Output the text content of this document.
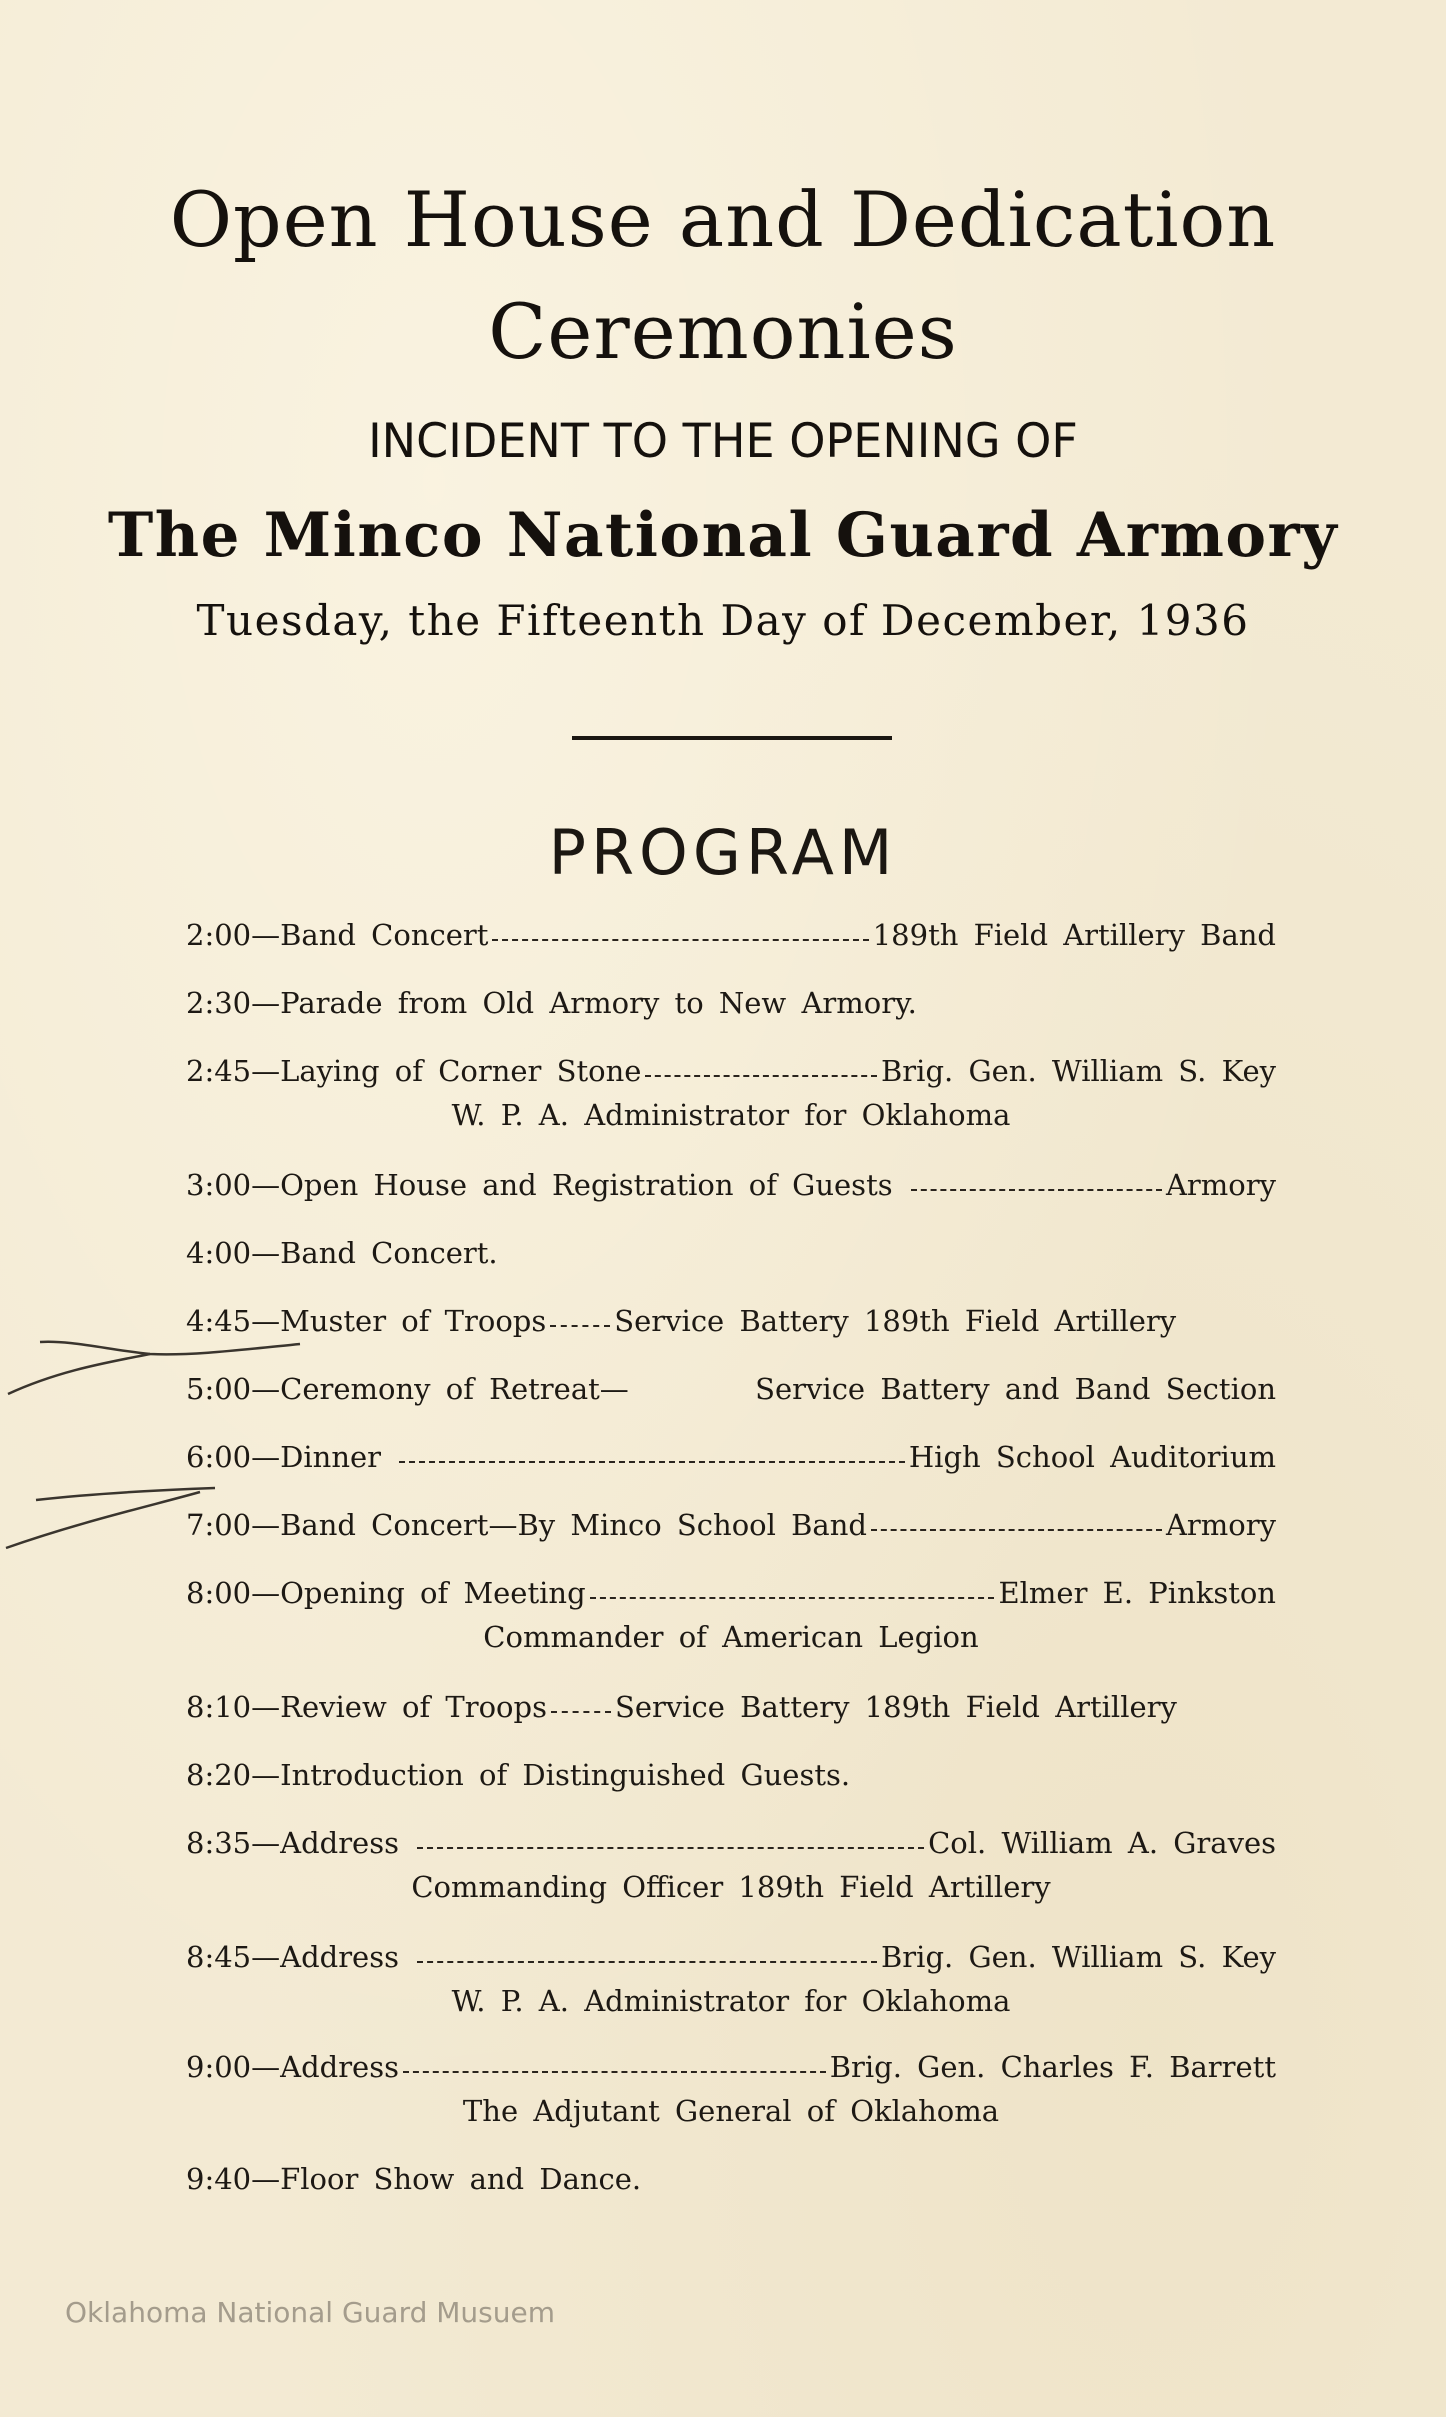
Open House and Dedication
Ceremonies
INCIDENT TO THE OPENING OF
The Minco National Guard Armory
Tuesday, the Fifteenth Day of December, 1936
PROGRAM
2:00 — Band Concert	189th Field Artillery Band
2:30 — Parade from Old Armory to New Armory.
2:45 — Laying of Corner Stone	Brig. Gen. William S. Key
W. P. A. Administrator for Oklahoma
3:00 — Open House and Registration of Guests	Armory
4:00 — Band Concert.
4:45 — Muster of Troops Service Battery 189th Field Artillery
5:00 — Ceremony of Retreat —	Service Battery and Band Section
6:00 — Dinner	High School Auditorium
7:00 — Band Concert — By Minco School Band	Armory
8:00 — Opening of Meeting	Elmer E. Pinkston
Commander of American Legion
8:10 — Review of Troops Service Battery 189th Field Artillery
8:20 — Introduction of Distinguished Guests.
8:35 — Address	Col. William A. Graves
Commanding Officer 189th Field Artillery
8:45 — Address	Brig. Gen. William S. Key
W. P. A. Administrator for Oklahoma
9:00 — Address	Brig. Gen. Charles F. Barrett
The Adjutant General of Oklahoma
9:40 — Floor Show and Dance.
Oklahoma National Guard Musuem
